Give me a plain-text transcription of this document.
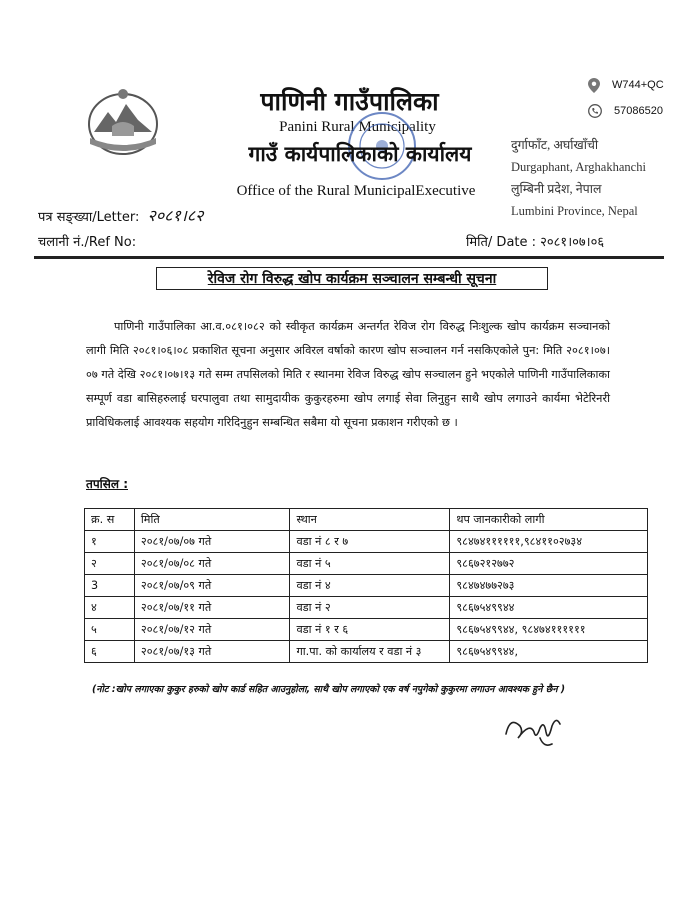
पाणिनी गाउँपालिका
Panini Rural Municipality
गाउँ कार्यपालिकाको कार्यालय
Office of the Rural MunicipalExecutive
W744+QC
57086520
दुर्गाफाँट, अर्घाखाँची
Durgaphant, Arghakhanchi
लुम्बिनी प्रदेश, नेपाल
Lumbini Province, Nepal
पत्र सङ्ख्या/Letter: २०८१।८२
चलानी नं./Ref No:	मिति/ Date : २०८१।०७।०६
रेविज रोग विरुद्ध खोप कार्यक्रम सञ्चालन सम्बन्धी सूचना
पाणिनी गाउँपालिका आ.व.०८१।०८२ को स्वीकृत कार्यक्रम अन्तर्गत रेविज रोग विरुद्ध निःशुल्क खोप कार्यक्रम सञ्चानको लागी मिति २०८१।०६।०८ प्रकाशित सूचना अनुसार अविरल वर्षाको कारण खोप सञ्चालन गर्न नसकिएकोले पुन: मिति २०८१।०७।०७ गते देखि २०८१।०७।१३ गते सम्म तपसिलको मिति र स्थानमा रेविज विरुद्ध खोप सञ्चालन हुने भएकोले पाणिनी गाउँपालिकाका सम्पूर्ण वडा बासिहरुलाई घरपालुवा तथा सामुदायीक कुकुरहरुमा खोप लगाई सेवा लिनुहुन साथै खोप लगाउने कार्यमा भेटेरिनरी प्राविधिकलाई आवश्यक सहयोग गरिदिनुहुन सम्बन्धित सबैमा यो सूचना प्रकाशन गरीएको छ ।
तपसिल :
क्र. स	मिति	स्थान	थप जानकारीको लागी
१	२०८१/०७/०७ गते	वडा नं ८ र ७	९८४७४११११११,९८४११०२७३४
२	२०८१/०७/०८ गते	वडा नं ५	९८६७२१२७७२
3	२०८१/०७/०९ गते	वडा नं ४	९८४७४७७२७३
४	२०८१/०७/११ गते	वडा नं २	९८६७५४९९४४
५	२०८१/०७/१२ गते	वडा नं १ र ६	९८६७५४९९४४, ९८४७४११११११
६	२०८१/०७/१३ गते	गा.पा. को कार्यालय र वडा नं ३	९८६७५४९९४४,
(नोट :खोप लगाएका कुकुर हरुको खोप कार्ड सहित आउनुहोला, साथै खोप लगाएको एक वर्ष नपुगेको कुकुरमा लगाउन आवश्यक हुने छैन )
